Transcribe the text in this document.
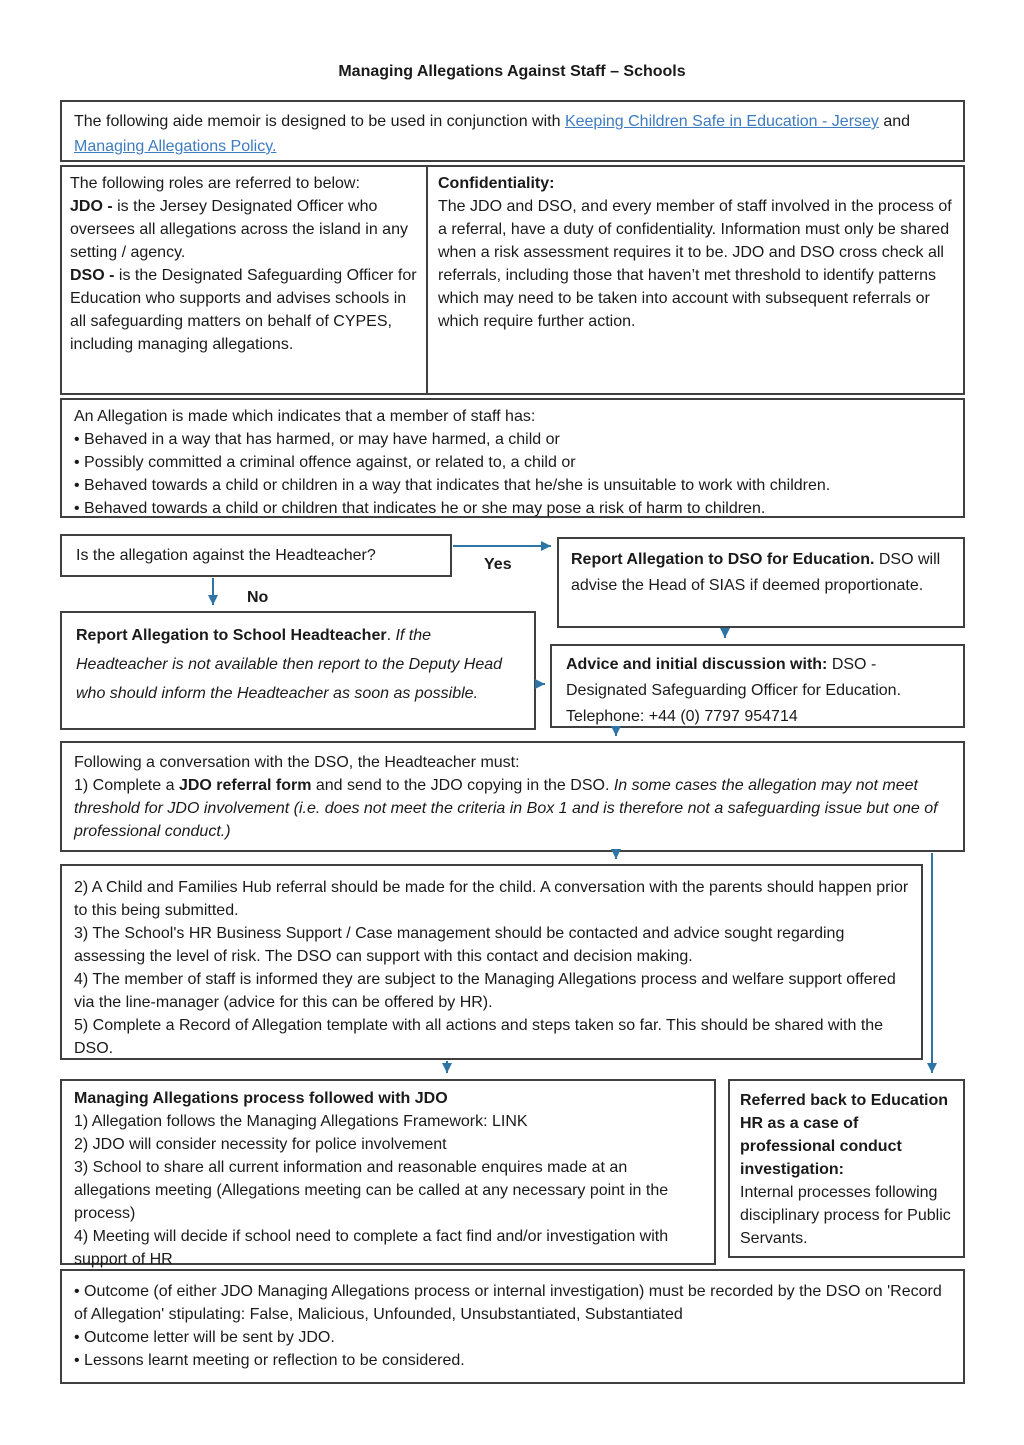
Managing Allegations Against Staff – Schools
The following aide memoir is designed to be used in conjunction with Keeping Children Safe in Education - Jersey and Managing Allegations Policy.
The following roles are referred to below:
JDO - is the Jersey Designated Officer who oversees all allegations across the island in any setting / agency.
DSO - is the Designated Safeguarding Officer for Education who supports and advises schools in all safeguarding matters on behalf of CYPES, including managing allegations.
Confidentiality:
The JDO and DSO, and every member of staff involved in the process of a referral, have a duty of confidentiality. Information must only be shared when a risk assessment requires it to be. JDO and DSO cross check all referrals, including those that haven’t met threshold to identify patterns which may need to be taken into account with subsequent referrals or which require further action.
An Allegation is made which indicates that a member of staff has:
• Behaved in a way that has harmed, or may have harmed, a child or
• Possibly committed a criminal offence against, or related to, a child or
• Behaved towards a child or children in a way that indicates that he/she is unsuitable to work with children.
• Behaved towards a child or children that indicates he or she may pose a risk of harm to children.
Is the allegation against the Headteacher?	Report Allegation to DSO for Education. DSO will advise the Head of SIAS if deemed proportionate.
Report Allegation to School Headteacher. If the Headteacher is not available then report to the Deputy Head who should inform the Headteacher as soon as possible.
Advice and initial discussion with: DSO - Designated Safeguarding Officer for Education. Telephone: +44 (0) 7797 954714
Following a conversation with the DSO, the Headteacher must:
1) Complete a JDO referral form and send to the JDO copying in the DSO. In some cases the allegation may not meet threshold for JDO involvement (i.e. does not meet the criteria in Box 1 and is therefore not a safeguarding issue but one of professional conduct.)
2) A Child and Families Hub referral should be made for the child. A conversation with the parents should happen prior to this being submitted.
3) The School's HR Business Support / Case management should be contacted and advice sought regarding assessing the level of risk. The DSO can support with this contact and decision making.
4) The member of staff is informed they are subject to the Managing Allegations process and welfare support offered via the line-manager (advice for this can be offered by HR).
5) Complete a Record of Allegation template with all actions and steps taken so far. This should be shared with the DSO.
Managing Allegations process followed with JDO
1) Allegation follows the Managing Allegations Framework: LINK
2) JDO will consider necessity for police involvement
3) School to share all current information and reasonable enquires made at an allegations meeting (Allegations meeting can be called at any necessary point in the process)
4) Meeting will decide if school need to complete a fact find and/or investigation with support of HR
Referred back to Education HR as a case of professional conduct investigation:
Internal processes following disciplinary process for Public Servants.
• Outcome (of either JDO Managing Allegations process or internal investigation) must be recorded by the DSO on 'Record of Allegation' stipulating: False, Malicious, Unfounded, Unsubstantiated, Substantiated
• Outcome letter will be sent by JDO.
• Lessons learnt meeting or reflection to be considered.
Yes
No
